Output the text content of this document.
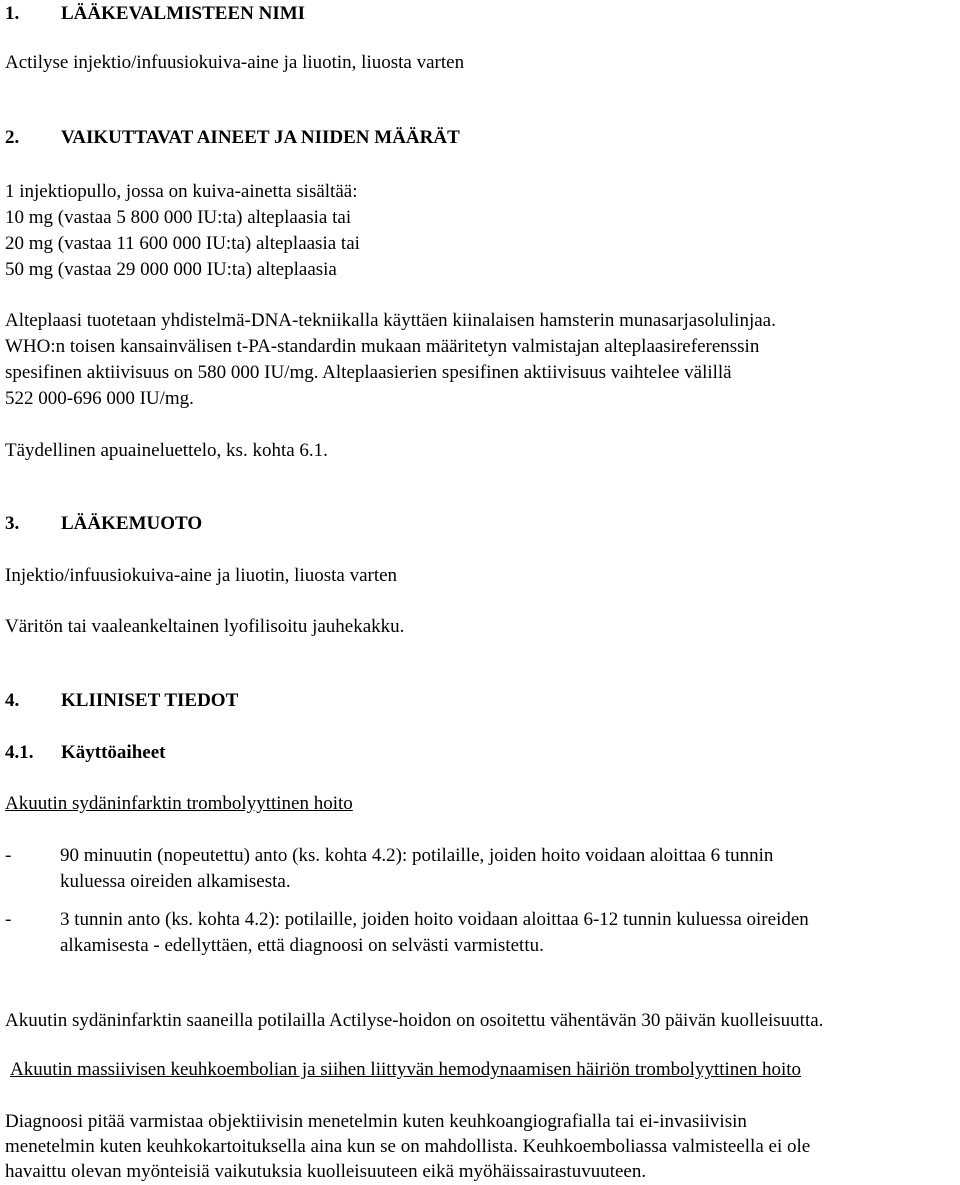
1. LÄÄKEVALMISTEEN NIMI
Actilyse injektio/infuusiokuiva-aine ja liuotin, liuosta varten
2. VAIKUTTAVAT AINEET JA NIIDEN MÄÄRÄT
1 injektiopullo, jossa on kuiva-ainetta sisältää:
10 mg (vastaa 5 800 000 IU:ta) alteplaasia tai
20 mg (vastaa 11 600 000 IU:ta) alteplaasia tai
50 mg (vastaa 29 000 000 IU:ta) alteplaasia
Alteplaasi tuotetaan yhdistelmä-DNA-tekniikalla käyttäen kiinalaisen hamsterin munasarjasolulinjaa.
WHO:n toisen kansainvälisen t-PA-standardin mukaan määritetyn valmistajan alteplaasireferenssin
spesifinen aktiivisuus on 580 000 IU/mg. Alteplaasierien spesifinen aktiivisuus vaihtelee välillä
522 000-696 000 IU/mg.
Täydellinen apuaineluettelo, ks. kohta 6.1.
3. LÄÄKEMUOTO
Injektio/infuusiokuiva-aine ja liuotin, liuosta varten
Väritön tai vaaleankeltainen lyofilisoitu jauhekakku.
4. KLIINISET TIEDOT
4.1. Käyttöaiheet
Akuutin sydäninfarktin trombolyyttinen hoito
-	90 minuutin (nopeutettu) anto (ks. kohta 4.2): potilaille, joiden hoito voidaan aloittaa 6 tunnin
kuluessa oireiden alkamisesta.
-	3 tunnin anto (ks. kohta 4.2): potilaille, joiden hoito voidaan aloittaa 6-12 tunnin kuluessa oireiden
alkamisesta - edellyttäen, että diagnoosi on selvästi varmistettu.
Akuutin sydäninfarktin saaneilla potilailla Actilyse-hoidon on osoitettu vähentävän 30 päivän kuolleisuutta.
Akuutin massiivisen keuhkoembolian ja siihen liittyvän hemodynaamisen häiriön trombolyyttinen hoito
Diagnoosi pitää varmistaa objektiivisin menetelmin kuten keuhkoangiografialla tai ei-invasiivisin
menetelmin kuten keuhkokartoituksella aina kun se on mahdollista. Keuhkoemboliassa valmisteella ei ole
havaittu olevan myönteisiä vaikutuksia kuolleisuuteen eikä myöhäissairastuvuuteen.
